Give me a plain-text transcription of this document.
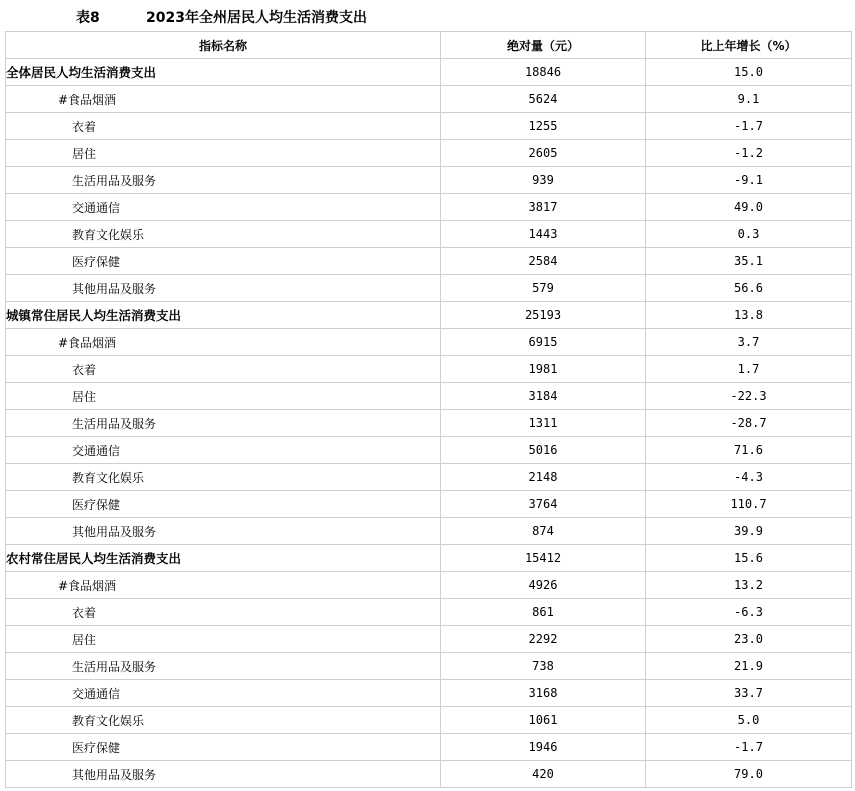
表8	2023年全州居民人均生活消费支出
指标名称	绝对量（元）	比上年增长（%）
全体居民人均生活消费支出	18846	15.0
#食品烟酒	5624	9.1
衣着	1255	-1.7
居住	2605	-1.2
生活用品及服务	939	-9.1
交通通信	3817	49.0
教育文化娱乐	1443	0.3
医疗保健	2584	35.1
其他用品及服务	579	56.6
城镇常住居民人均生活消费支出	25193	13.8
#食品烟酒	6915	3.7
衣着	1981	1.7
居住	3184	-22.3
生活用品及服务	1311	-28.7
交通通信	5016	71.6
教育文化娱乐	2148	-4.3
医疗保健	3764	110.7
其他用品及服务	874	39.9
农村常住居民人均生活消费支出	15412	15.6
#食品烟酒	4926	13.2
衣着	861	-6.3
居住	2292	23.0
生活用品及服务	738	21.9
交通通信	3168	33.7
教育文化娱乐	1061	5.0
医疗保健	1946	-1.7
其他用品及服务	420	79.0
